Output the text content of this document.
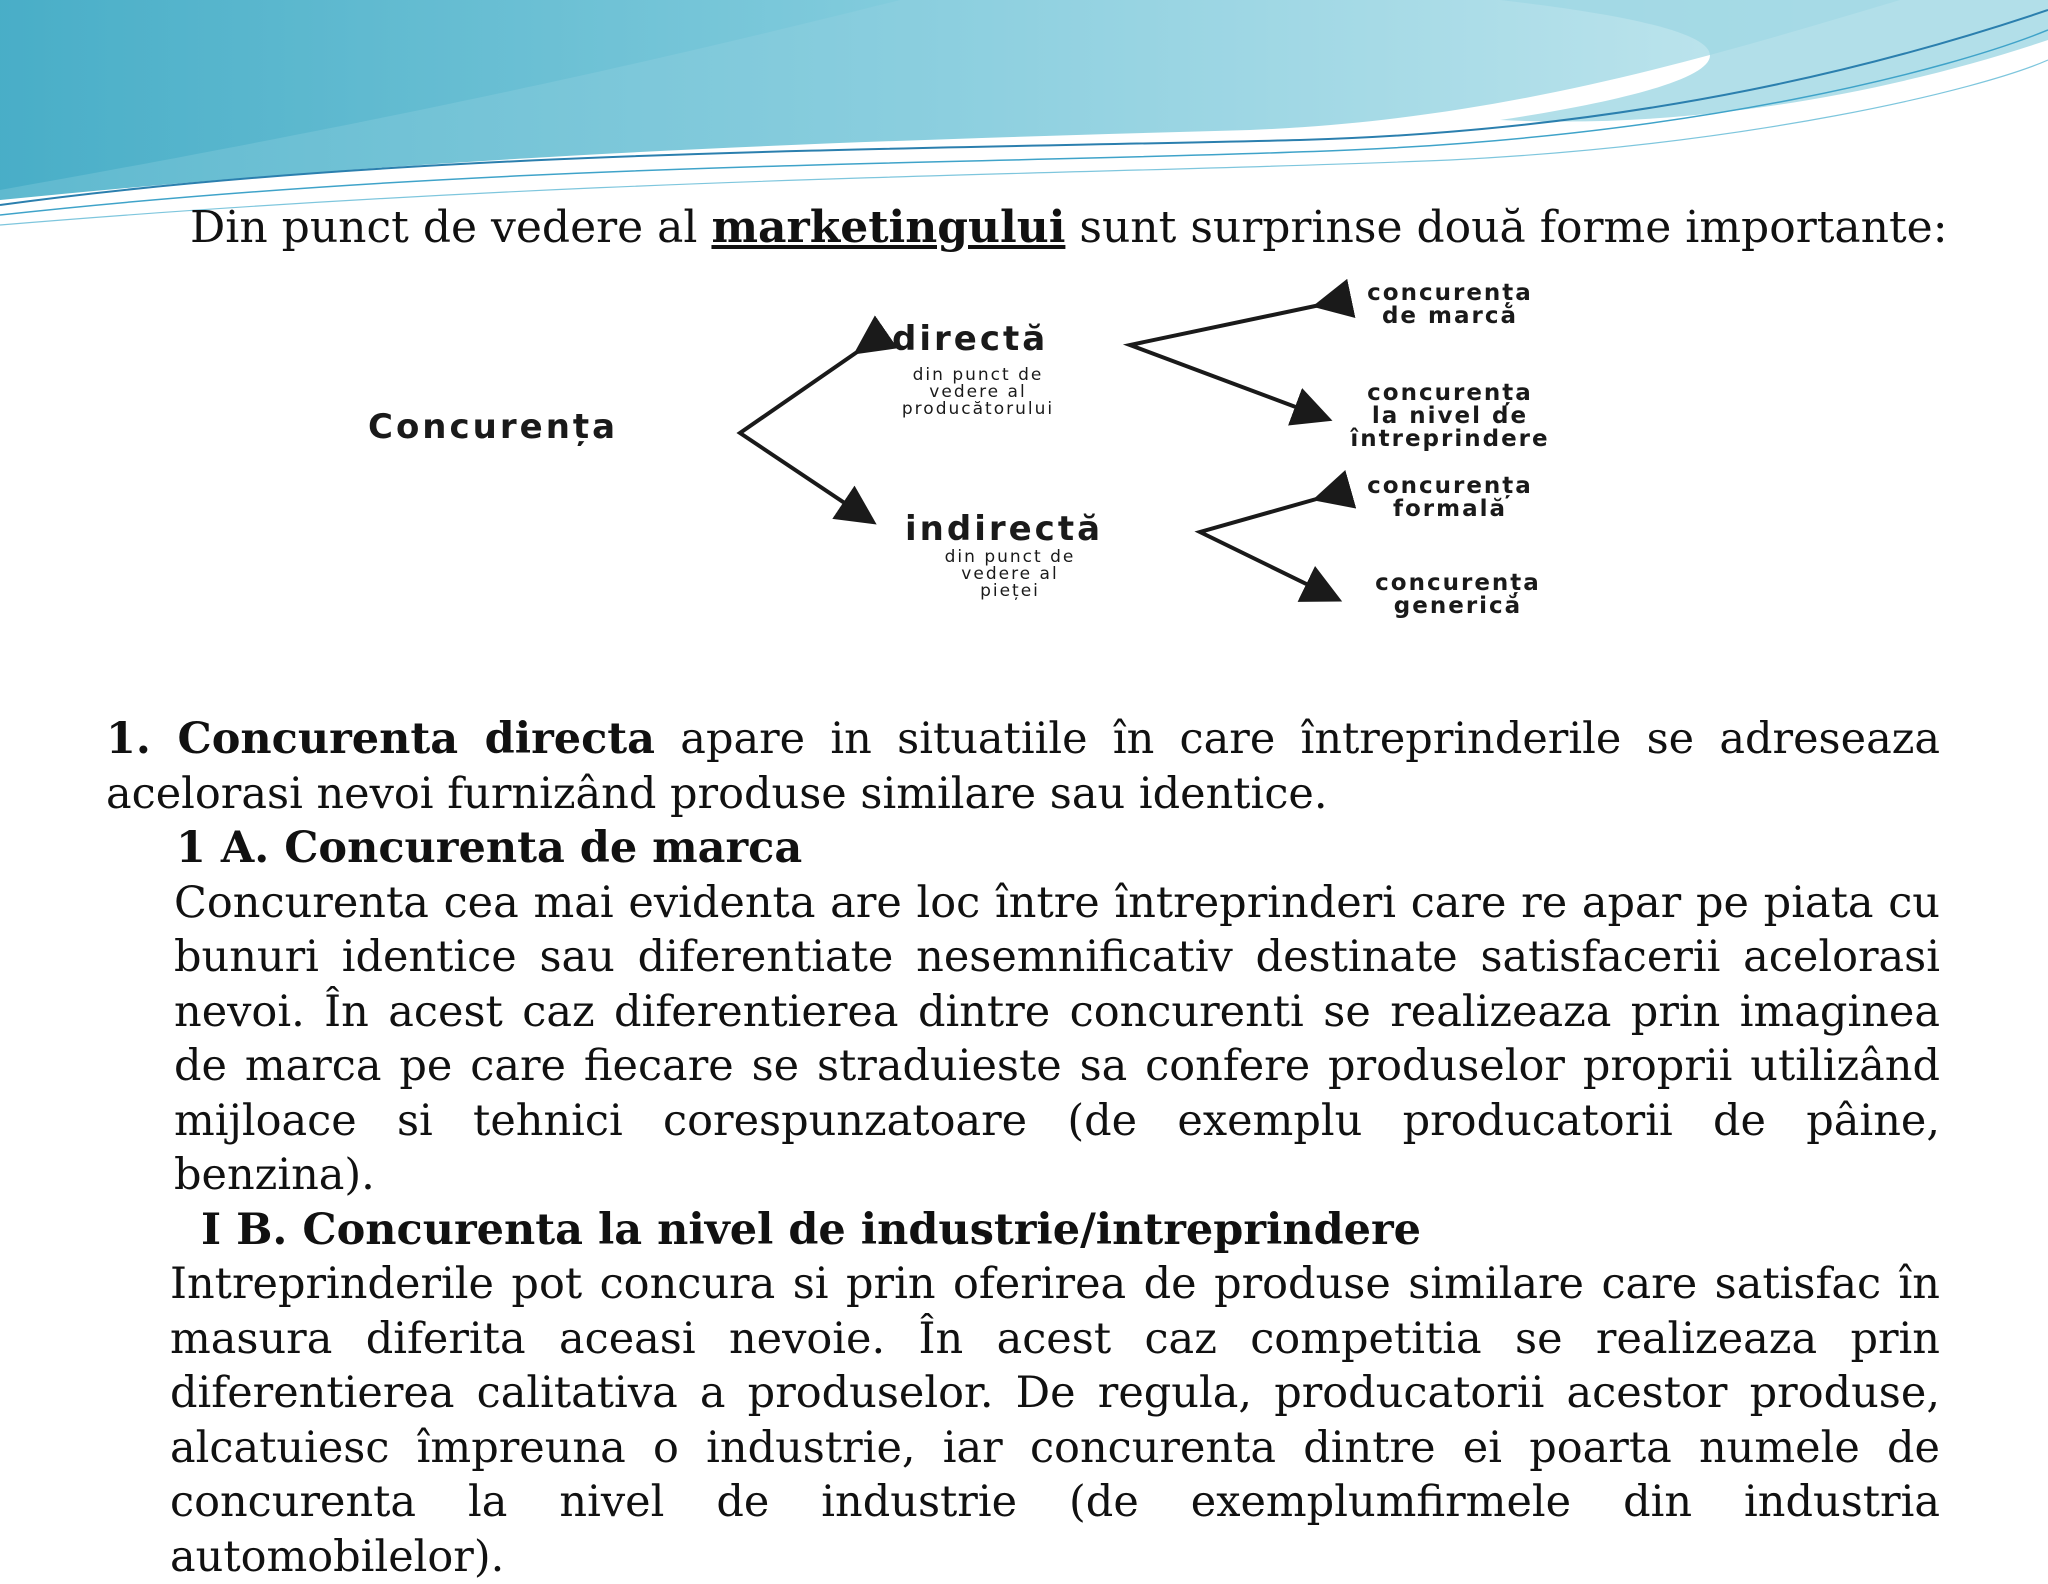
Din punct de vedere al marketingului sunt surprinse două forme importante:
Concurența
directă
din punct de
vedere al
producătorului
concurența
de marcă
concurența
la nivel de
întreprindere
indirectă
din punct de
vedere al
pieței
concurența
formală
concurența
generică

1. Concurenta directa apare in situatiile în care întreprinderile se adreseaza acelorasi nevoi furnizând produse similare sau identice.

1 A. Concurenta de marca

Concurenta cea mai evidenta are loc între întreprinderi care re apar pe piata cu bunuri identice sau diferentiate nesemnificativ destinate satisfacerii acelorasi nevoi. În acest caz diferentierea dintre concurenti se realizeaza prin imaginea de marca pe care fiecare se straduieste sa confere produselor proprii utilizând mijloace si tehnici corespunzatoare (de exemplu producatorii de pâine, benzina).

I B. Concurenta la nivel de industrie/intreprindere

Intreprinderile pot concura si prin oferirea de produse similare care satisfac în masura diferita aceasi nevoie. În acest caz competitia se realizeaza prin diferentierea calitativa a produselor. De regula, producatorii acestor produse, alcatuiesc împreuna o industrie, iar concurenta dintre ei poarta numele de concurenta la nivel de industrie (de exemplumfirmele din industria automobilelor).
